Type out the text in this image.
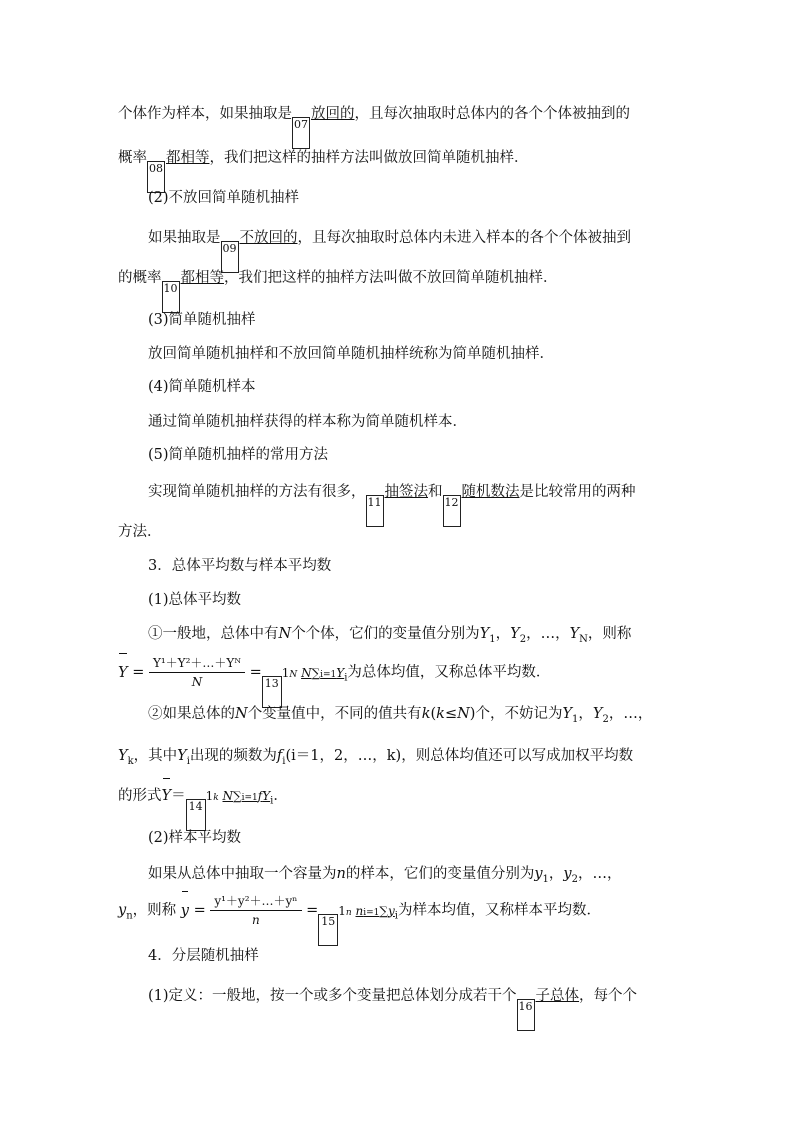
个体作为样本，如果抽取是07放回的，且每次抽取时总体内的各个个体被抽到的
概率08都相等，我们把这样的抽样方法叫做放回简单随机抽样．
(2)不放回简单随机抽样
如果抽取是09不放回的，且每次抽取时总体内未进入样本的各个个体被抽到
的概率10都相等，我们把这样的抽样方法叫做不放回简单随机抽样．
(3)简单随机抽样
放回简单随机抽样和不放回简单随机抽样统称为简单随机抽样．
(4)简单随机样本
通过简单随机抽样获得的样本称为简单随机样本．
(5)简单随机抽样的常用方法
实现简单随机抽样的方法有很多，11抽签法和12随机数法是比较常用的两种
方法．
3．总体平均数与样本平均数
(1)总体平均数
①一般地，总体中有N个个体，它们的变量值分别为$Y_1$，$Y_2$，…，$Y_N$，则称
$Y = \frac{\text{Y¹＋Y²＋…＋Yᴺ}}{N} =131N$ $N\sum i=1Y_i$为总体均值，又称总体平均数．
②如果总体的N个变量值中，不同的值共有k(k≤N)个，不妨记为$Y_1$，$Y_2$，…，
$Y_k$，其中$Y_i$出现的频数为$f_i(i=1$，2，…，k)，则总体均值还可以写成加权平均数
的形式Y＝141k $N\sum i=1fY_i$．
(2)样本平均数
如果从总体中抽取一个容量为n的样本，它们的变量值分别为$y_1$，$y_2$，…，
$y_n$，则称 $y = \frac{\text{y¹＋y²＋…＋yⁿ}}{n} =151n$ $ni=1\sum y_i$为样本均值，又称样本平均数．
4．分层随机抽样
(1)定义：一般地，按一个或多个变量把总体划分成若干个16子总体，每个个
